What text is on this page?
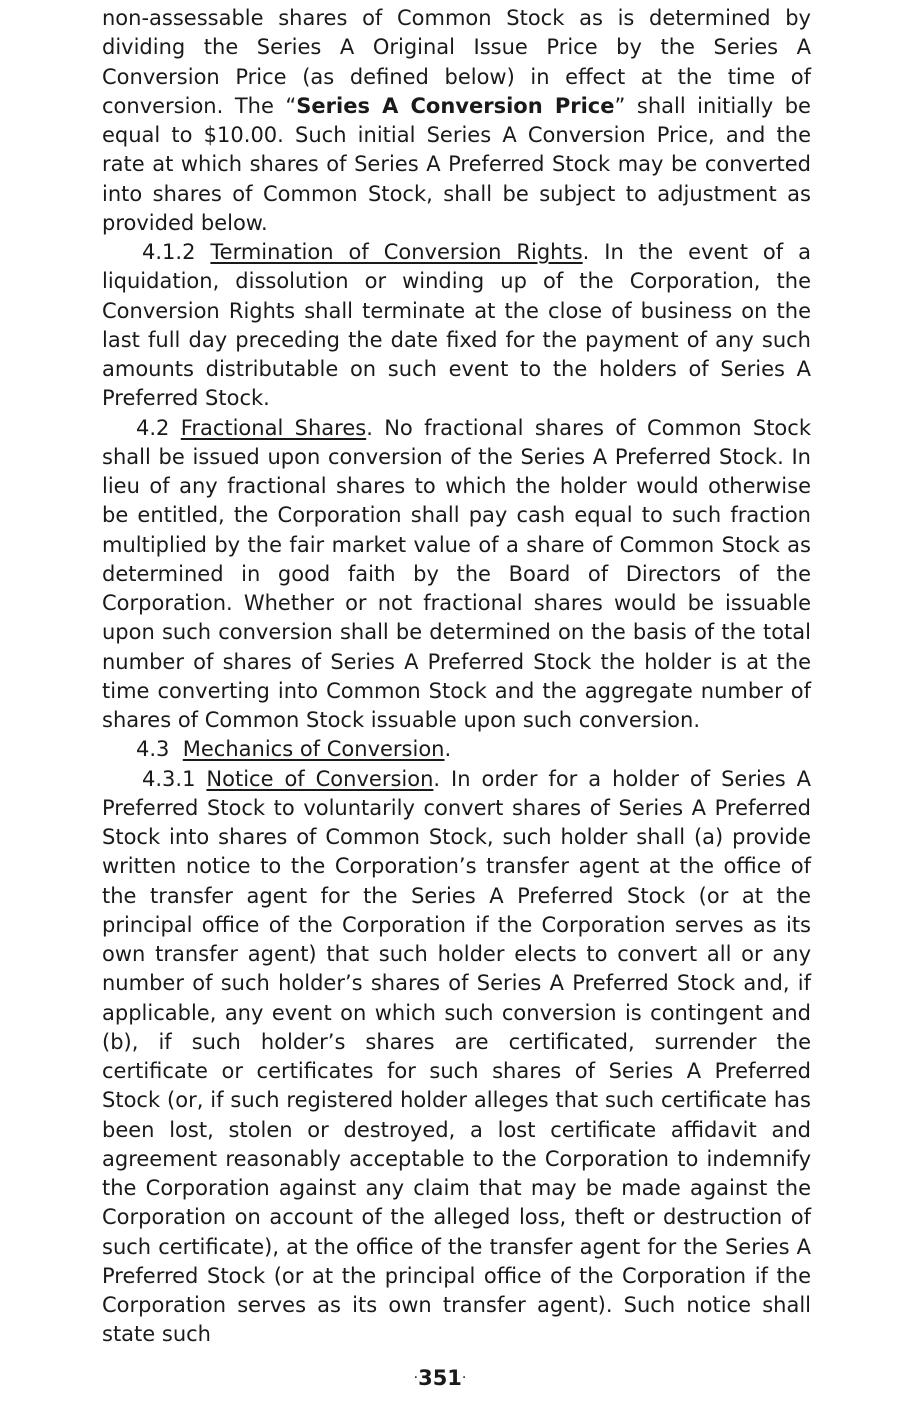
non-assessable shares of Common Stock as is determined by dividing the Series A Original Issue Price by the Series A Conversion Price (as defined below) in effect at the time of conversion. The “Series A Conversion Price” shall initially be equal to $10.00. Such initial Series A Conversion Price, and the rate at which shares of Series A Preferred Stock may be converted into shares of Common Stock, shall be subject to adjustment as provided below.

4.1.2 Termination of Conversion Rights. In the event of a liquidation, dissolution or winding up of the Corporation, the Conversion Rights shall terminate at the close of business on the last full day preceding the date fixed for the payment of any such amounts distributable on such event to the holders of Series A Preferred Stock.

4.2 Fractional Shares. No fractional shares of Common Stock shall be issued upon conversion of the Series A Preferred Stock. In lieu of any fractional shares to which the holder would otherwise be entitled, the Corporation shall pay cash equal to such fraction multiplied by the fair market value of a share of Common Stock as determined in good faith by the Board of Directors of the Corporation. Whether or not fractional shares would be issuable upon such conversion shall be determined on the basis of the total number of shares of Series A Preferred Stock the holder is at the time converting into Common Stock and the aggregate number of shares of Common Stock issuable upon such conversion.

4.3 Mechanics of Conversion.

4.3.1 Notice of Conversion. In order for a holder of Series A Preferred Stock to voluntarily convert shares of Series A Preferred Stock into shares of Common Stock, such holder shall (a) provide written notice to the Corporation’s transfer agent at the office of the transfer agent for the Series A Preferred Stock (or at the principal office of the Corporation if the Corporation serves as its own transfer agent) that such holder elects to convert all or any number of such holder’s shares of Series A Preferred Stock and, if applicable, any event on which such conversion is contingent and (b), if such holder’s shares are certificated, surrender the certificate or certificates for such shares of Series A Preferred Stock (or, if such registered holder alleges that such certificate has been lost, stolen or destroyed, a lost certificate affidavit and agreement reasonably acceptable to the Corporation to indemnify the Corporation against any claim that may be made against the Corporation on account of the alleged loss, theft or destruction of such certificate), at the office of the transfer agent for the Series A Preferred Stock (or at the principal office of the Corporation if the Corporation serves as its own transfer agent). Such notice shall state such

·351·
